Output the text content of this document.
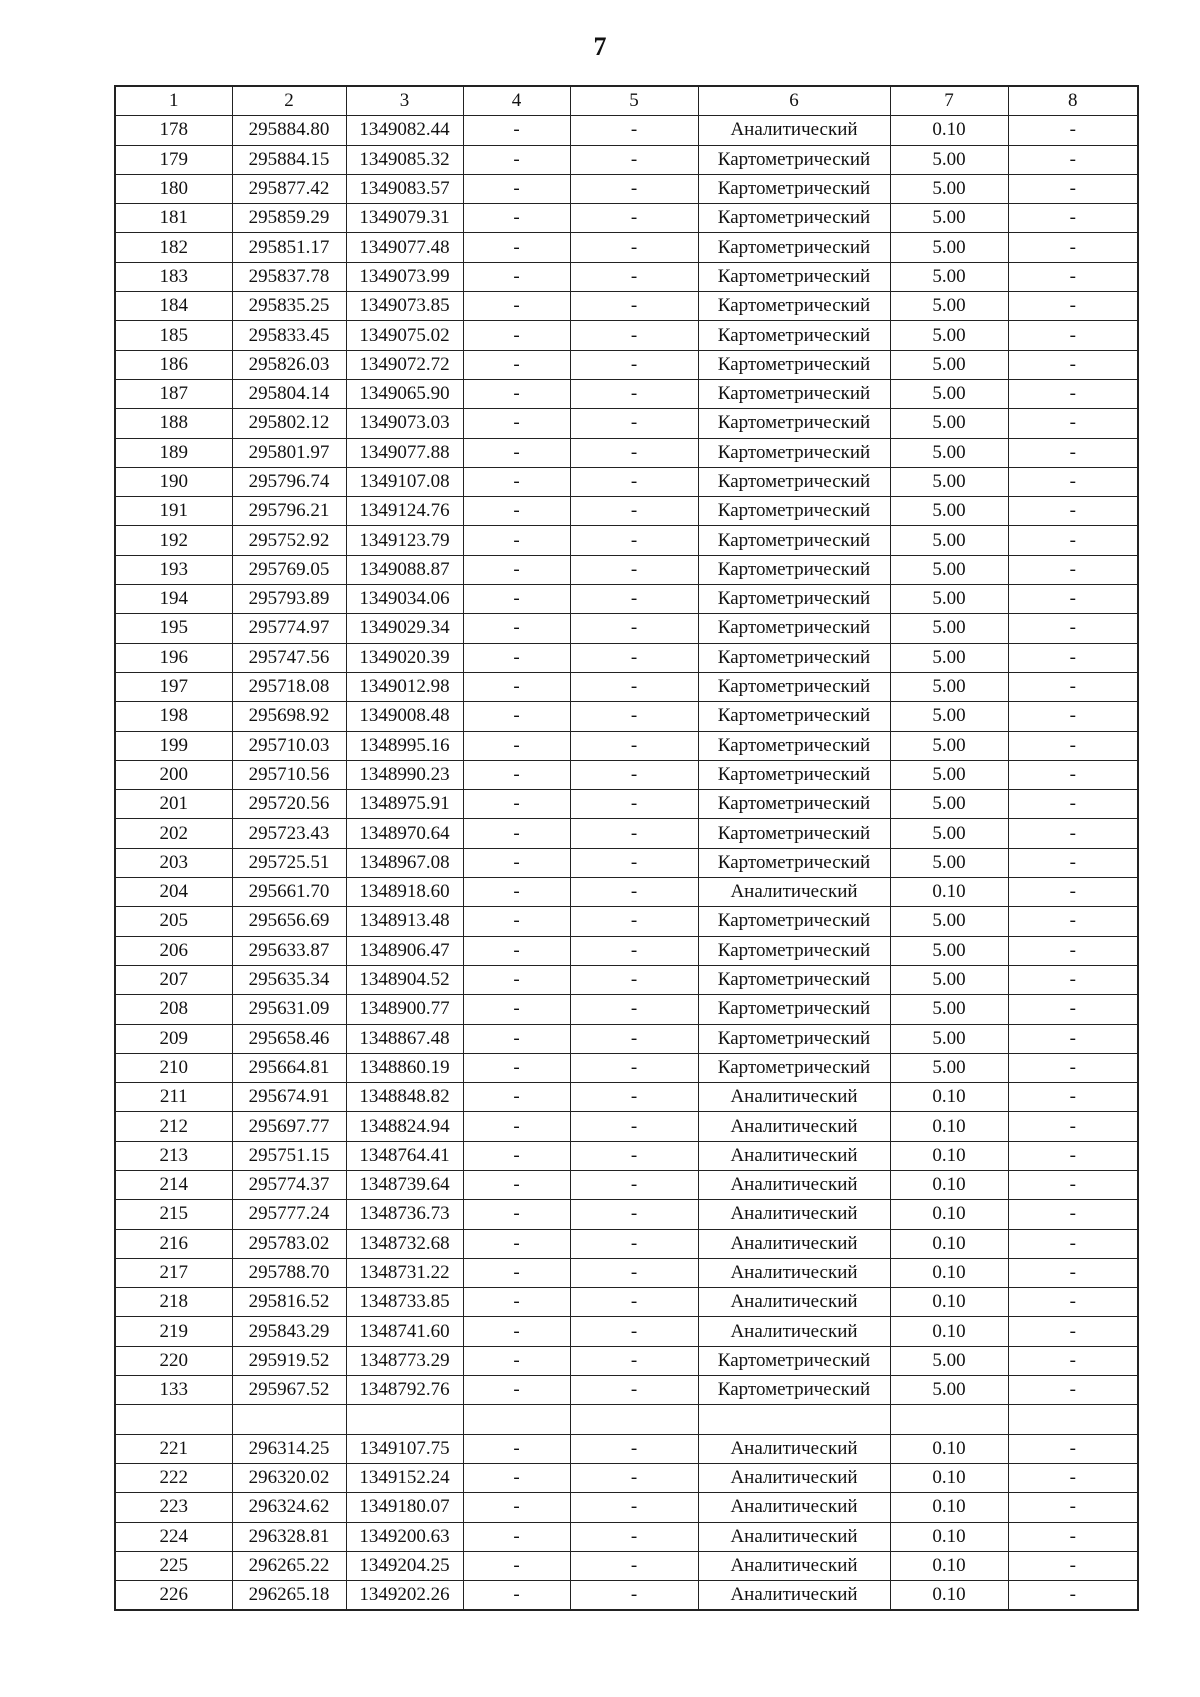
7
1	2	3	4	5	6	7	8
178	295884.80	1349082.44	-	-	Аналитический	0.10	-
179	295884.15	1349085.32	-	-	Картометрический	5.00	-
180	295877.42	1349083.57	-	-	Картометрический	5.00	-
181	295859.29	1349079.31	-	-	Картометрический	5.00	-
182	295851.17	1349077.48	-	-	Картометрический	5.00	-
183	295837.78	1349073.99	-	-	Картометрический	5.00	-
184	295835.25	1349073.85	-	-	Картометрический	5.00	-
185	295833.45	1349075.02	-	-	Картометрический	5.00	-
186	295826.03	1349072.72	-	-	Картометрический	5.00	-
187	295804.14	1349065.90	-	-	Картометрический	5.00	-
188	295802.12	1349073.03	-	-	Картометрический	5.00	-
189	295801.97	1349077.88	-	-	Картометрический	5.00	-
190	295796.74	1349107.08	-	-	Картометрический	5.00	-
191	295796.21	1349124.76	-	-	Картометрический	5.00	-
192	295752.92	1349123.79	-	-	Картометрический	5.00	-
193	295769.05	1349088.87	-	-	Картометрический	5.00	-
194	295793.89	1349034.06	-	-	Картометрический	5.00	-
195	295774.97	1349029.34	-	-	Картометрический	5.00	-
196	295747.56	1349020.39	-	-	Картометрический	5.00	-
197	295718.08	1349012.98	-	-	Картометрический	5.00	-
198	295698.92	1349008.48	-	-	Картометрический	5.00	-
199	295710.03	1348995.16	-	-	Картометрический	5.00	-
200	295710.56	1348990.23	-	-	Картометрический	5.00	-
201	295720.56	1348975.91	-	-	Картометрический	5.00	-
202	295723.43	1348970.64	-	-	Картометрический	5.00	-
203	295725.51	1348967.08	-	-	Картометрический	5.00	-
204	295661.70	1348918.60	-	-	Аналитический	0.10	-
205	295656.69	1348913.48	-	-	Картометрический	5.00	-
206	295633.87	1348906.47	-	-	Картометрический	5.00	-
207	295635.34	1348904.52	-	-	Картометрический	5.00	-
208	295631.09	1348900.77	-	-	Картометрический	5.00	-
209	295658.46	1348867.48	-	-	Картометрический	5.00	-
210	295664.81	1348860.19	-	-	Картометрический	5.00	-
211	295674.91	1348848.82	-	-	Аналитический	0.10	-
212	295697.77	1348824.94	-	-	Аналитический	0.10	-
213	295751.15	1348764.41	-	-	Аналитический	0.10	-
214	295774.37	1348739.64	-	-	Аналитический	0.10	-
215	295777.24	1348736.73	-	-	Аналитический	0.10	-
216	295783.02	1348732.68	-	-	Аналитический	0.10	-
217	295788.70	1348731.22	-	-	Аналитический	0.10	-
218	295816.52	1348733.85	-	-	Аналитический	0.10	-
219	295843.29	1348741.60	-	-	Аналитический	0.10	-
220	295919.52	1348773.29	-	-	Картометрический	5.00	-
133	295967.52	1348792.76	-	-	Картометрический	5.00	-

221	296314.25	1349107.75	-	-	Аналитический	0.10	-
222	296320.02	1349152.24	-	-	Аналитический	0.10	-
223	296324.62	1349180.07	-	-	Аналитический	0.10	-
224	296328.81	1349200.63	-	-	Аналитический	0.10	-
225	296265.22	1349204.25	-	-	Аналитический	0.10	-
226	296265.18	1349202.26	-	-	Аналитический	0.10	-
